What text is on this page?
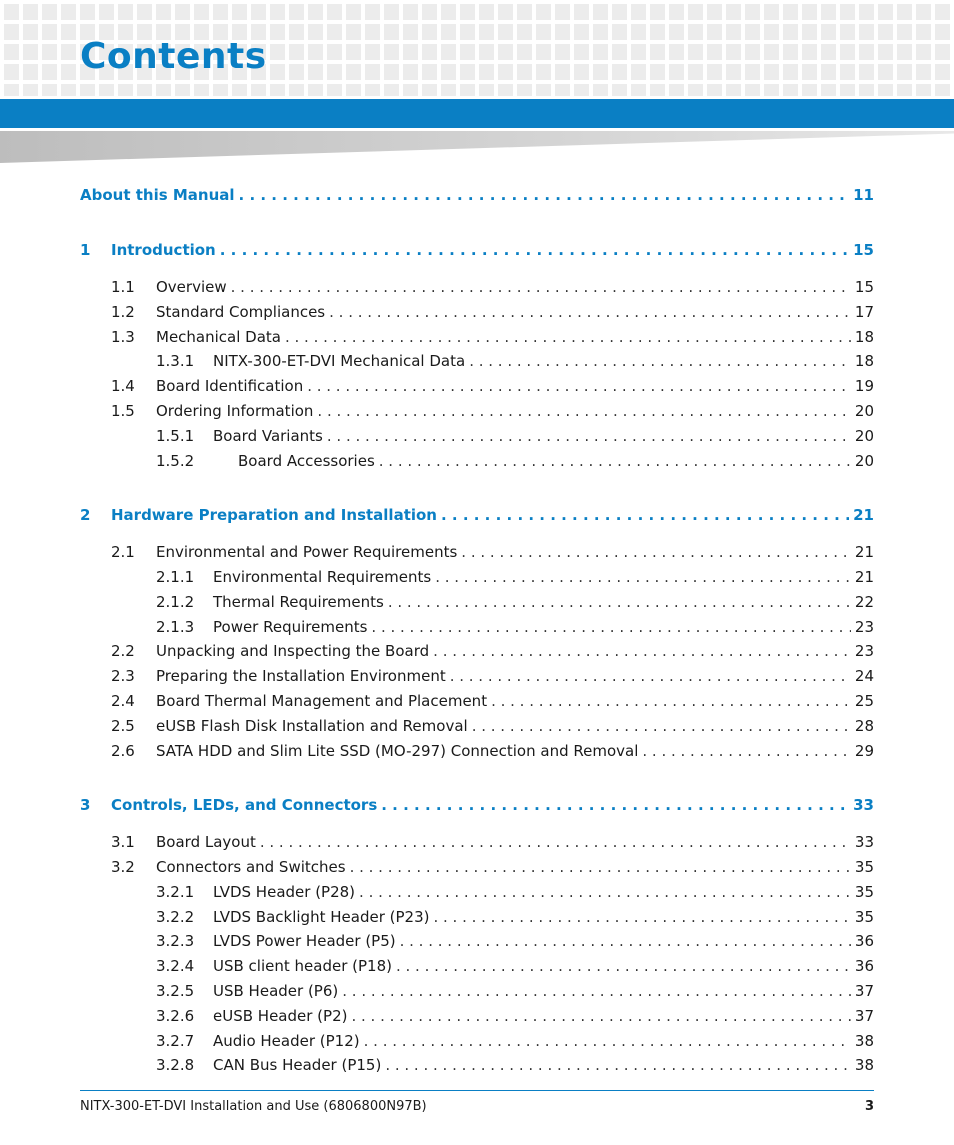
Contents
About this Manual . . .	11
1	Introduction . . .	15
1.1	Overview . . .	15
1.2	Standard Compliances . . .	17
1.3	Mechanical Data . . .	18
1.3.1	NITX-300-ET-DVI Mechanical Data . . .	18
1.4	Board Identification . . .	19
1.5	Ordering Information . . .	20
1.5.1	Board Variants . . .	20
1.5.2	Board Accessories . . .	20
2	Hardware Preparation and Installation . . .	21
2.1	Environmental and Power Requirements . . .	21
2.1.1	Environmental Requirements . . .	21
2.1.2	Thermal Requirements . . .	22
2.1.3	Power Requirements . . .	23
2.2	Unpacking and Inspecting the Board . . .	23
2.3	Preparing the Installation Environment . . .	24
2.4	Board Thermal Management and Placement . . .	25
2.5	eUSB Flash Disk Installation and Removal . . .	28
2.6	SATA HDD and Slim Lite SSD (MO-297) Connection and Removal . . .	29
3	Controls, LEDs, and Connectors . . .	33
3.1	Board Layout . . .	33
3.2	Connectors and Switches . . .	35
3.2.1	LVDS Header (P28) . . .	35
3.2.2	LVDS Backlight Header (P23) . . .	35
3.2.3	LVDS Power Header (P5) . . .	36
3.2.4	USB client header (P18) . . .	36
3.2.5	USB Header (P6) . . .	37
3.2.6	eUSB Header (P2) . . .	37
3.2.7	Audio Header (P12) . . .	38
3.2.8	CAN Bus Header (P15) . . .	38
NITX-300-ET-DVI Installation and Use (6806800N97B)	3
